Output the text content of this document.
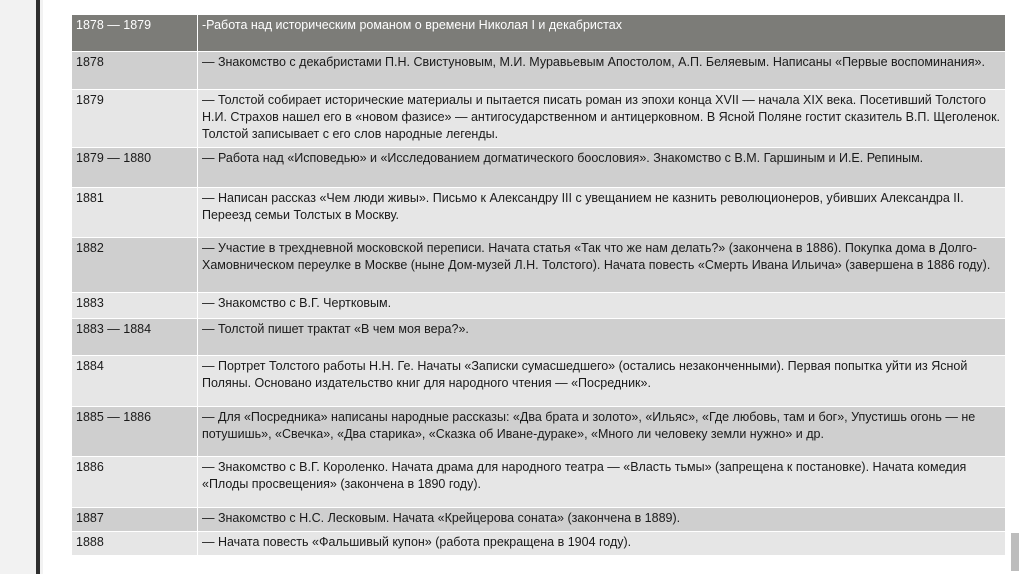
1878 — 1879	-Работа над историческим романом о времени Николая I и декабристах
1878	— Знакомство с декабристами П.Н. Свистуновым, М.И. Муравьевым Апостолом, А.П. Беляевым. Написаны «Первые воспоминания».
1879	— Толстой собирает исторические материалы и пытается писать роман из эпохи конца XVII — начала XIX века. Посетивший Толстого Н.И. Страхов нашел его в «новом фазисе» — антигосударственном и антицерковном. В Ясной Поляне гостит сказитель В.П. Щеголенок. Толстой записывает с его слов народные легенды.
1879 — 1880	— Работа над «Исповедью» и «Исследованием догматического боословия». Знакомство с В.М. Гаршиным и И.Е. Репиным.
1881	— Написан рассказ «Чем люди живы». Письмо к Александру III с увещанием не казнить революционеров, убивших Александра II. Переезд семьи Толстых в Москву.
1882	— Участие в трехдневной московской переписи. Начата статья «Так что же нам делать?» (закончена в 1886). Покупка дома в Долго-Хамовническом переулке в Москве (ныне Дом-музей Л.Н. Толстого). Начата повесть «Смерть Ивана Ильича» (завершена в 1886 году).
1883	— Знакомство с В.Г. Чертковым.
1883 — 1884	— Толстой пишет трактат «В чем моя вера?».
1884	— Портрет Толстого работы Н.Н. Ге. Начаты «Записки сумасшедшего» (остались незаконченными). Первая попытка уйти из Ясной Поляны. Основано издательство книг для народного чтения — «Посредник».
1885 — 1886	— Для «Посредника» написаны народные рассказы: «Два брата и золото», «Ильяс», «Где любовь, там и бог», Упустишь огонь — не потушишь», «Свечка», «Два старика», «Сказка об Иване-дураке», «Много ли человеку земли нужно» и др.
1886	— Знакомство с В.Г. Короленко. Начата драма для народного театра — «Власть тьмы» (запрещена к постановке). Начата комедия «Плоды просвещения» (закончена в 1890 году).
1887	— Знакомство с Н.С. Лесковым. Начата «Крейцерова соната» (закончена в 1889).
1888	— Начата повесть «Фальшивый купон» (работа прекращена в 1904 году).
